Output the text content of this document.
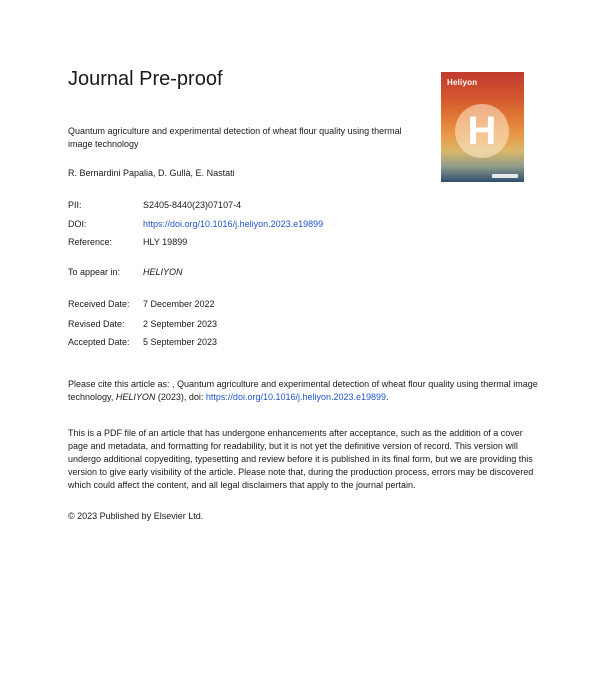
Journal Pre-proof	Heliyon
H
Quantum agriculture and experimental detection of wheat flour quality using thermal image technology
R. Bernardini Papalia, D. Gullà, E. Nastati
PII:	S2405-8440(23)07107-4
DOI:	https://doi.org/10.1016/j.heliyon.2023.e19899
Reference:	HLY 19899
To appear in:	HELIYON
Received Date: 7 December 2022
Revised Date: 2 September 2023
Accepted Date: 5 September 2023
Please cite this article as: , Quantum agriculture and experimental detection of wheat flour quality using thermal image technology, HELIYON (2023), doi: https://doi.org/10.1016/j.heliyon.2023.e19899.
This is a PDF file of an article that has undergone enhancements after acceptance, such as the addition of a cover page and metadata, and formatting for readability, but it is not yet the definitive version of record. This version will undergo additional copyediting, typesetting and review before it is published in its final form, but we are providing this version to give early visibility of the article. Please note that, during the production process, errors may be discovered which could affect the content, and all legal disclaimers that apply to the journal pertain.
© 2023 Published by Elsevier Ltd.
